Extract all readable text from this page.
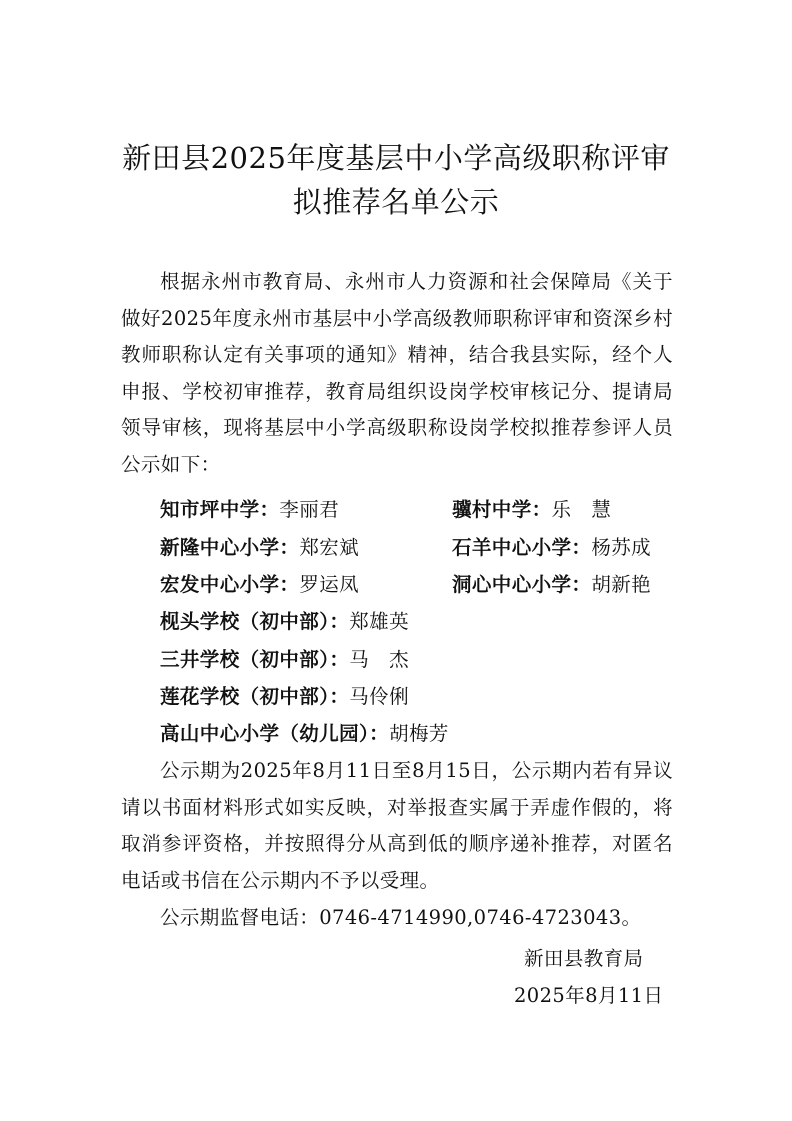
新田县2025年度基层中小学高级职称评审
拟推荐名单公示
根据永州市教育局、永州市人力资源和社会保障局《关于做好2025年度永州市基层中小学高级教师职称评审和资深乡村教师职称认定有关事项的通知》精神，结合我县实际，经个人申报、学校初审推荐，教育局组织设岗学校审核记分、提请局领导审核，现将基层中小学高级职称设岗学校拟推荐参评人员公示如下：
知市坪中学：李丽君	骥村中学：乐　慧
新隆中心小学：郑宏斌	石羊中心小学：杨苏成
宏发中心小学：罗运凤	洞心中心小学：胡新艳
枧头学校（初中部）：郑雄英
三井学校（初中部）：马　杰
莲花学校（初中部）：马伶俐
高山中心小学（幼儿园）：胡梅芳
公示期为2025年8月11日至8月15日，公示期内若有异议请以书面材料形式如实反映，对举报查实属于弄虚作假的，将取消参评资格，并按照得分从高到低的顺序递补推荐，对匿名电话或书信在公示期内不予以受理。
公示期监督电话：0746-4714990,0746-4723043。
新田县教育局
2025年8月11日
